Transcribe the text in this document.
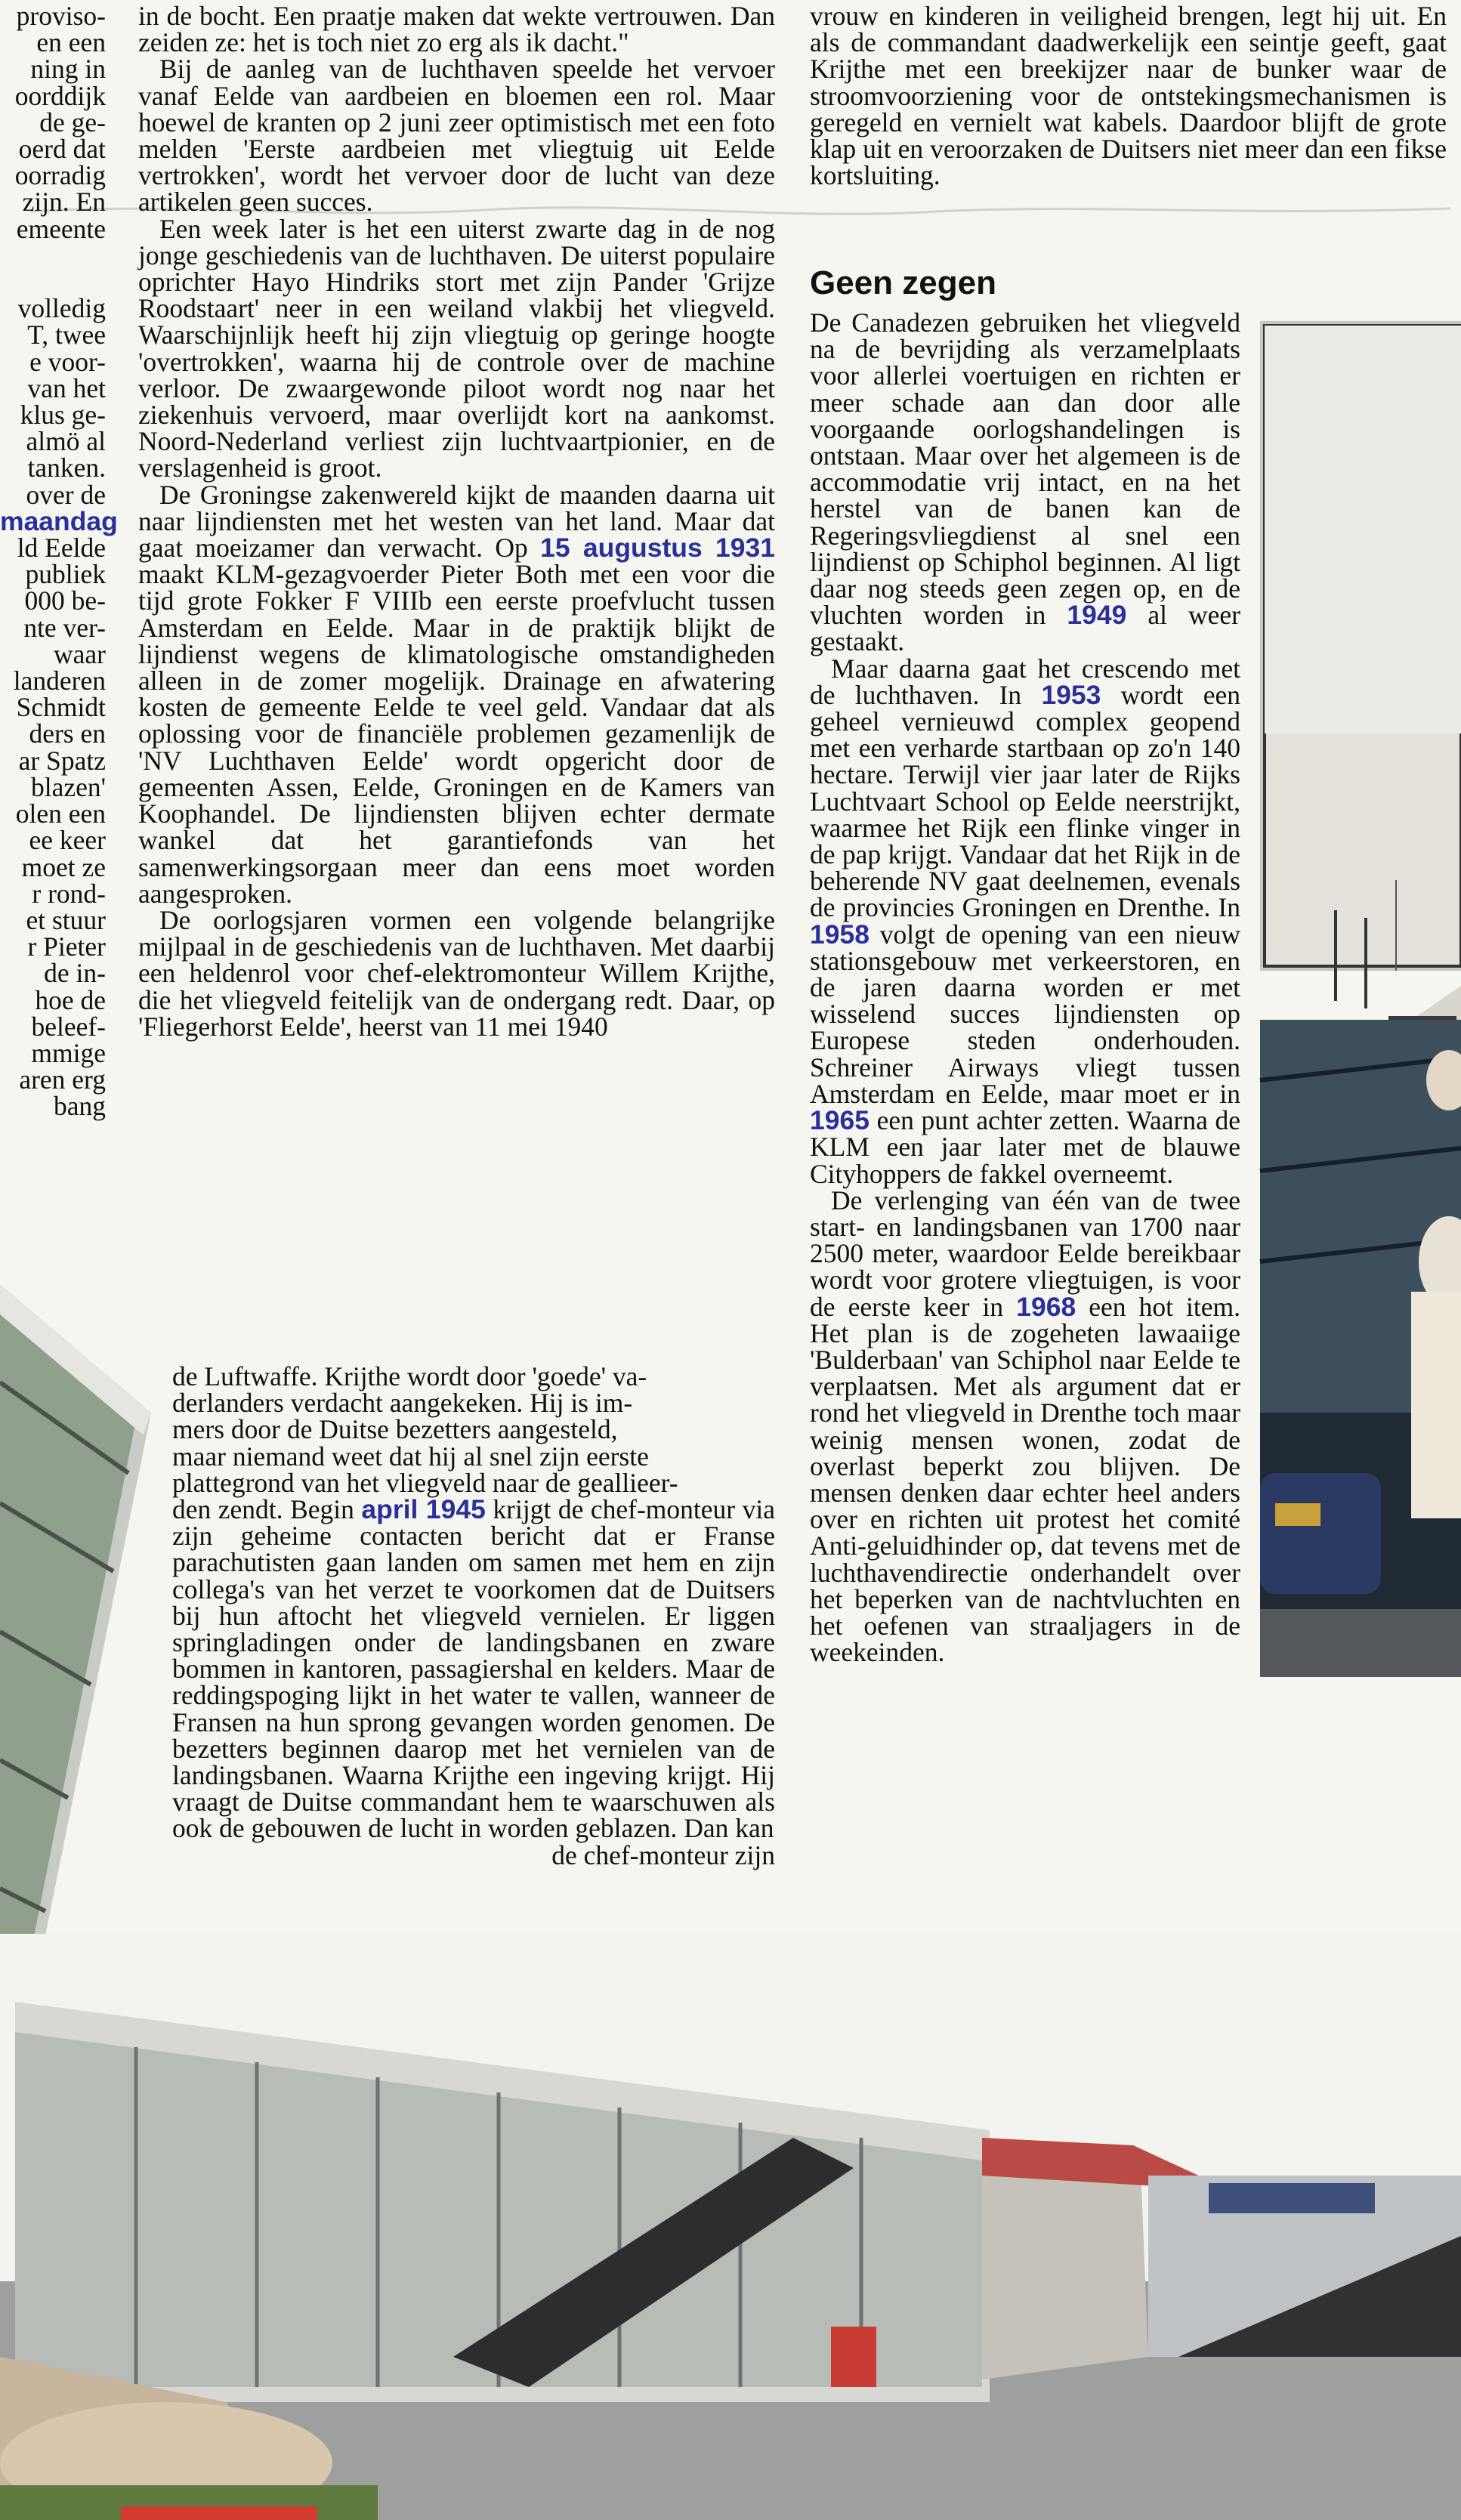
proviso-
en een
ning in
oorddijk
de ge-
oerd dat
oorradig
zijn. En
emeente

volledig
T, twee
e voor-
van het
klus ge-
almö al
tanken.
over de
maandag
ld Eelde
publiek
000 be-
nte ver-
waar
landeren
Schmidt
ders en
ar Spatz
blazen'
olen een
ee keer
moet ze
r rond-
et stuur
r Pieter
de in-
hoe de
beleef-
mmige
aren erg
bang

in de bocht. Een praatje maken dat wekte vertrouwen. Dan zeiden ze: het is toch niet zo erg als ik dacht."

Bij de aanleg van de luchthaven speelde het vervoer vanaf Eelde van aardbeien en bloemen een rol. Maar hoewel de kranten op 2 juni zeer optimistisch met een foto melden 'Eerste aardbeien met vliegtuig uit Eelde vertrokken', wordt het vervoer door de lucht van deze artikelen geen succes.

Een week later is het een uiterst zwarte dag in de nog jonge geschiedenis van de luchthaven. De uiterst populaire oprichter Hayo Hindriks stort met zijn Pander 'Grijze Roodstaart' neer in een weiland vlakbij het vliegveld. Waarschijnlijk heeft hij zijn vliegtuig op geringe hoogte 'overtrokken', waarna hij de controle over de machine verloor. De zwaargewonde piloot wordt nog naar het ziekenhuis vervoerd, maar overlijdt kort na aankomst. Noord-Nederland verliest zijn luchtvaartpionier, en de verslagenheid is groot.

De Groningse zakenwereld kijkt de maanden daarna uit naar lijndiensten met het westen van het land. Maar dat gaat moeizamer dan verwacht. Op 15 augustus 1931 maakt KLM-gezagvoerder Pieter Both met een voor die tijd grote Fokker F VIIIb een eerste proefvlucht tussen Amsterdam en Eelde. Maar in de praktijk blijkt de lijndienst wegens de klimatologische omstandigheden alleen in de zomer mogelijk. Drainage en afwatering kosten de gemeente Eelde te veel geld. Vandaar dat als oplossing voor de financiële problemen gezamenlijk de 'NV Luchthaven Eelde' wordt opgericht door de gemeenten Assen, Eelde, Groningen en de Kamers van Koophandel. De lijndiensten blijven echter dermate wankel dat het garantiefonds van het samenwerkingsorgaan meer dan eens moet worden aangesproken.

De oorlogsjaren vormen een volgende belangrijke mijlpaal in de geschiedenis van de luchthaven. Met daarbij een heldenrol voor chef-elektromonteur Willem Krijthe, die het vliegveld feitelijk van de ondergang redt. Daar, op 'Fliegerhorst Eelde', heerst van 11 mei 1940

de Luftwaffe. Krijthe wordt door 'goede' va-
derlanders verdacht aangekeken. Hij is im-
mers door de Duitse bezetters aangesteld,
maar niemand weet dat hij al snel zijn eerste
plattegrond van het vliegveld naar de geallieer-

den zendt. Begin april 1945 krijgt de chef-monteur via zijn geheime contacten bericht dat er Franse parachutisten gaan landen om samen met hem en zijn collega's van het verzet te voorkomen dat de Duitsers bij hun aftocht het vliegveld vernielen. Er liggen springladingen onder de landingsbanen en zware bommen in kantoren, passagiershal en kelders. Maar de reddingspoging lijkt in het water te vallen, wanneer de Fransen na hun sprong gevangen worden genomen. De bezetters beginnen daarop met het vernielen van de landingsbanen. Waarna Krijthe een ingeving krijgt. Hij vraagt de Duitse commandant hem te waarschuwen als ook de gebouwen de lucht in worden geblazen. Dan kan

de chef-monteur zijn

vrouw en kinderen in veiligheid brengen, legt hij uit. En als de commandant daadwerkelijk een seintje geeft, gaat Krijthe met een breekijzer naar de bunker waar de stroomvoorziening voor de ontstekingsmechanismen is geregeld en vernielt wat kabels. Daardoor blijft de grote klap uit en veroorzaken de Duitsers niet meer dan een fikse kortsluiting.

Geen zegen

De Canadezen gebruiken het vliegveld na de bevrijding als verzamelplaats voor allerlei voertuigen en richten er meer schade aan dan door alle voorgaande oorlogshandelingen is ontstaan. Maar over het algemeen is de accommodatie vrij intact, en na het herstel van de banen kan de Regeringsvliegdienst al snel een lijndienst op Schiphol beginnen. Al ligt daar nog steeds geen zegen op, en de vluchten worden in 1949 al weer gestaakt.

Maar daarna gaat het crescendo met de luchthaven. In 1953 wordt een geheel vernieuwd complex geopend met een verharde startbaan op zo'n 140 hectare. Terwijl vier jaar later de Rijks Luchtvaart School op Eelde neerstrijkt, waarmee het Rijk een flinke vinger in de pap krijgt. Vandaar dat het Rijk in de beherende NV gaat deelnemen, evenals de provincies Groningen en Drenthe. In 1958 volgt de opening van een nieuw stationsgebouw met verkeerstoren, en de jaren daarna worden er met wisselend succes lijndiensten op Europese steden onderhouden. Schreiner Airways vliegt tussen Amsterdam en Eelde, maar moet er in 1965 een punt achter zetten. Waarna de KLM een jaar later met de blauwe Cityhoppers de fakkel overneemt.

De verlenging van één van de twee start- en landingsbanen van 1700 naar 2500 meter, waardoor Eelde bereikbaar wordt voor grotere vliegtuigen, is voor de eerste keer in 1968 een hot item. Het plan is de zogeheten lawaaiige 'Bulderbaan' van Schiphol naar Eelde te verplaatsen. Met als argument dat er rond het vliegveld in Drenthe toch maar weinig mensen wonen, zodat de overlast beperkt zou blijven. De mensen denken daar echter heel anders over en richten uit protest het comité Anti-geluidhinder op, dat tevens met de luchthavendirectie onderhandelt over het beperken van de nachtvluchten en het oefenen van straaljagers in de weekeinden.
